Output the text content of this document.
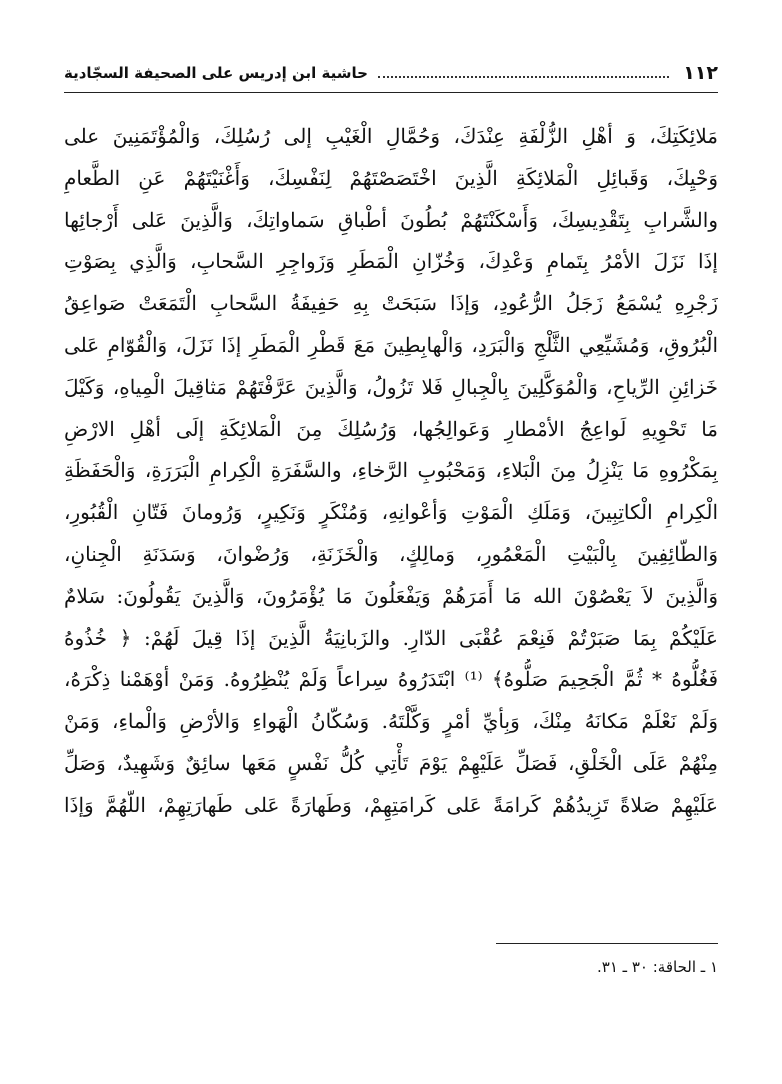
١١٢
حاشية ابن إدريس على الصحيفة السجّادية
مَلائِكَتِكَ، وَ أهْلِ الزُّلْفَةِ عِنْدَكَ، وَحُمَّالِ الْغَيْبِ إلى رُسُلِكَ، وَالْمُؤْتَمَنِينَ على
وَحْيِكَ، وَقَبائِلِ الْمَلائِكَةِ الَّذِينَ اخْتَصَصْتَهُمْ لِنَفْسِكَ، وَأَغْنَيْتَهُمْ عَنِ الطَّعامِ
والشَّرابِ بِتَقْدِيسِكَ، وَأَسْكَنْتَهُمْ بُطُونَ أطْباقِ سَماواتِكَ، وَالَّذِينَ عَلى أَرْجائِها
إذَا نَزَلَ الأمْرُ بِتَمامِ وَعْدِكَ، وَخُزّانِ الْمَطَرِ وَزَواجِرِ السَّحابِ، وَالَّذِي بِصَوْتِ
زَجْرِهِ يُسْمَعُ زَجَلُ الرُّعُودِ، وَإذَا سَبَحَتْ بِهِ حَفِيفَةُ السَّحابِ الْتَمَعَتْ صَواعِقُ
الْبُرُوقِ، وَمُشَيِّعِي الثَّلْجِ وَالْبَرَدِ، وَالْهابِطِينَ مَعَ قَطْرِ الْمَطَرِ إذَا نَزَلَ، وَالْقُوّامِ عَلى
خَزائِنِ الرِّياحِ، وَالْمُوَكَّلِينَ بِالْجِبالِ فَلا تَزُولُ، وَالَّذِينَ عَرَّفْتَهُمْ مَثاقِيلَ الْمِياهِ، وَكَيْلَ
مَا تَحْوِيهِ لَواعِجُ الأمْطارِ وَعَوالِجُها، وَرُسُلِكَ مِنَ الْمَلائِكَةِ إلَى أهْلِ الارْضِ
بِمَكْرُوهِ مَا يَنْزِلُ مِنَ الْبَلاءِ، وَمَحْبُوبِ الرَّخاءِ، والسَّفَرَةِ الْكِرامِ الْبَرَرَةِ، وَالْحَفَظَةِ
الْكِرامِ الْكاتِبِينَ، وَمَلَكِ الْمَوْتِ وَأعْوانِهِ، وَمُنْكَرٍ وَنَكِيرٍ، وَرُومانَ فَتّانِ الْقُبُورِ،
وَالطّائِفِينَ بِالْبَيْتِ الْمَعْمُورِ، وَمالِكٍ، وَالْخَزَنَةِ، وَرُضْوانَ، وَسَدَنَةِ الْجِنانِ،
وَالَّذِينَ لاَ يَعْصُوْنَ الله مَا أَمَرَهُمْ وَيَفْعَلُونَ مَا يُؤْمَرُونَ، وَالَّذِينَ يَقُولُونَ: سَلامٌ
عَلَيْكُمْ بِمَا صَبَرْتُمْ فَنِعْمَ عُقْبَى الدّارِ. والزَبانِيَةُ الَّذِينَ إذَا قِيلَ لَهُمْ: ﴿ خُذُوهُ
فَغُلُّوهُ * ثُمَّ الْجَحِيمَ صَلُّوهُ﴾ ⁽¹⁾ ابْتَدَرُوهُ سِراعاً وَلَمْ يُنْظِرُوهُ. وَمَنْ أوْهَمْنا ذِكْرَهُ،
وَلَمْ نَعْلَمْ مَكانَهُ مِنْكَ، وَبِأيِّ أمْرٍ وَكَّلْتَهُ. وَسُكّانُ الْهَواءِ وَالأرْضِ وَالْماءِ، وَمَنْ
مِنْهُمْ عَلَى الْخَلْقِ، فَصَلِّ عَلَيْهِمْ يَوْمَ تَأْتِي كُلُّ نَفْسٍ مَعَها سائِقٌ وَشَهِيدٌ، وَصَلِّ
عَلَيْهِمْ صَلاةً تَزِيدُهُمْ كَرامَةً عَلى كَرامَتِهِمْ، وَطَهارَةً عَلى طَهارَتِهِمْ، اللّهُمَّ وَإذَا
١ ـ الحاقة: ٣٠ ـ ٣١.
